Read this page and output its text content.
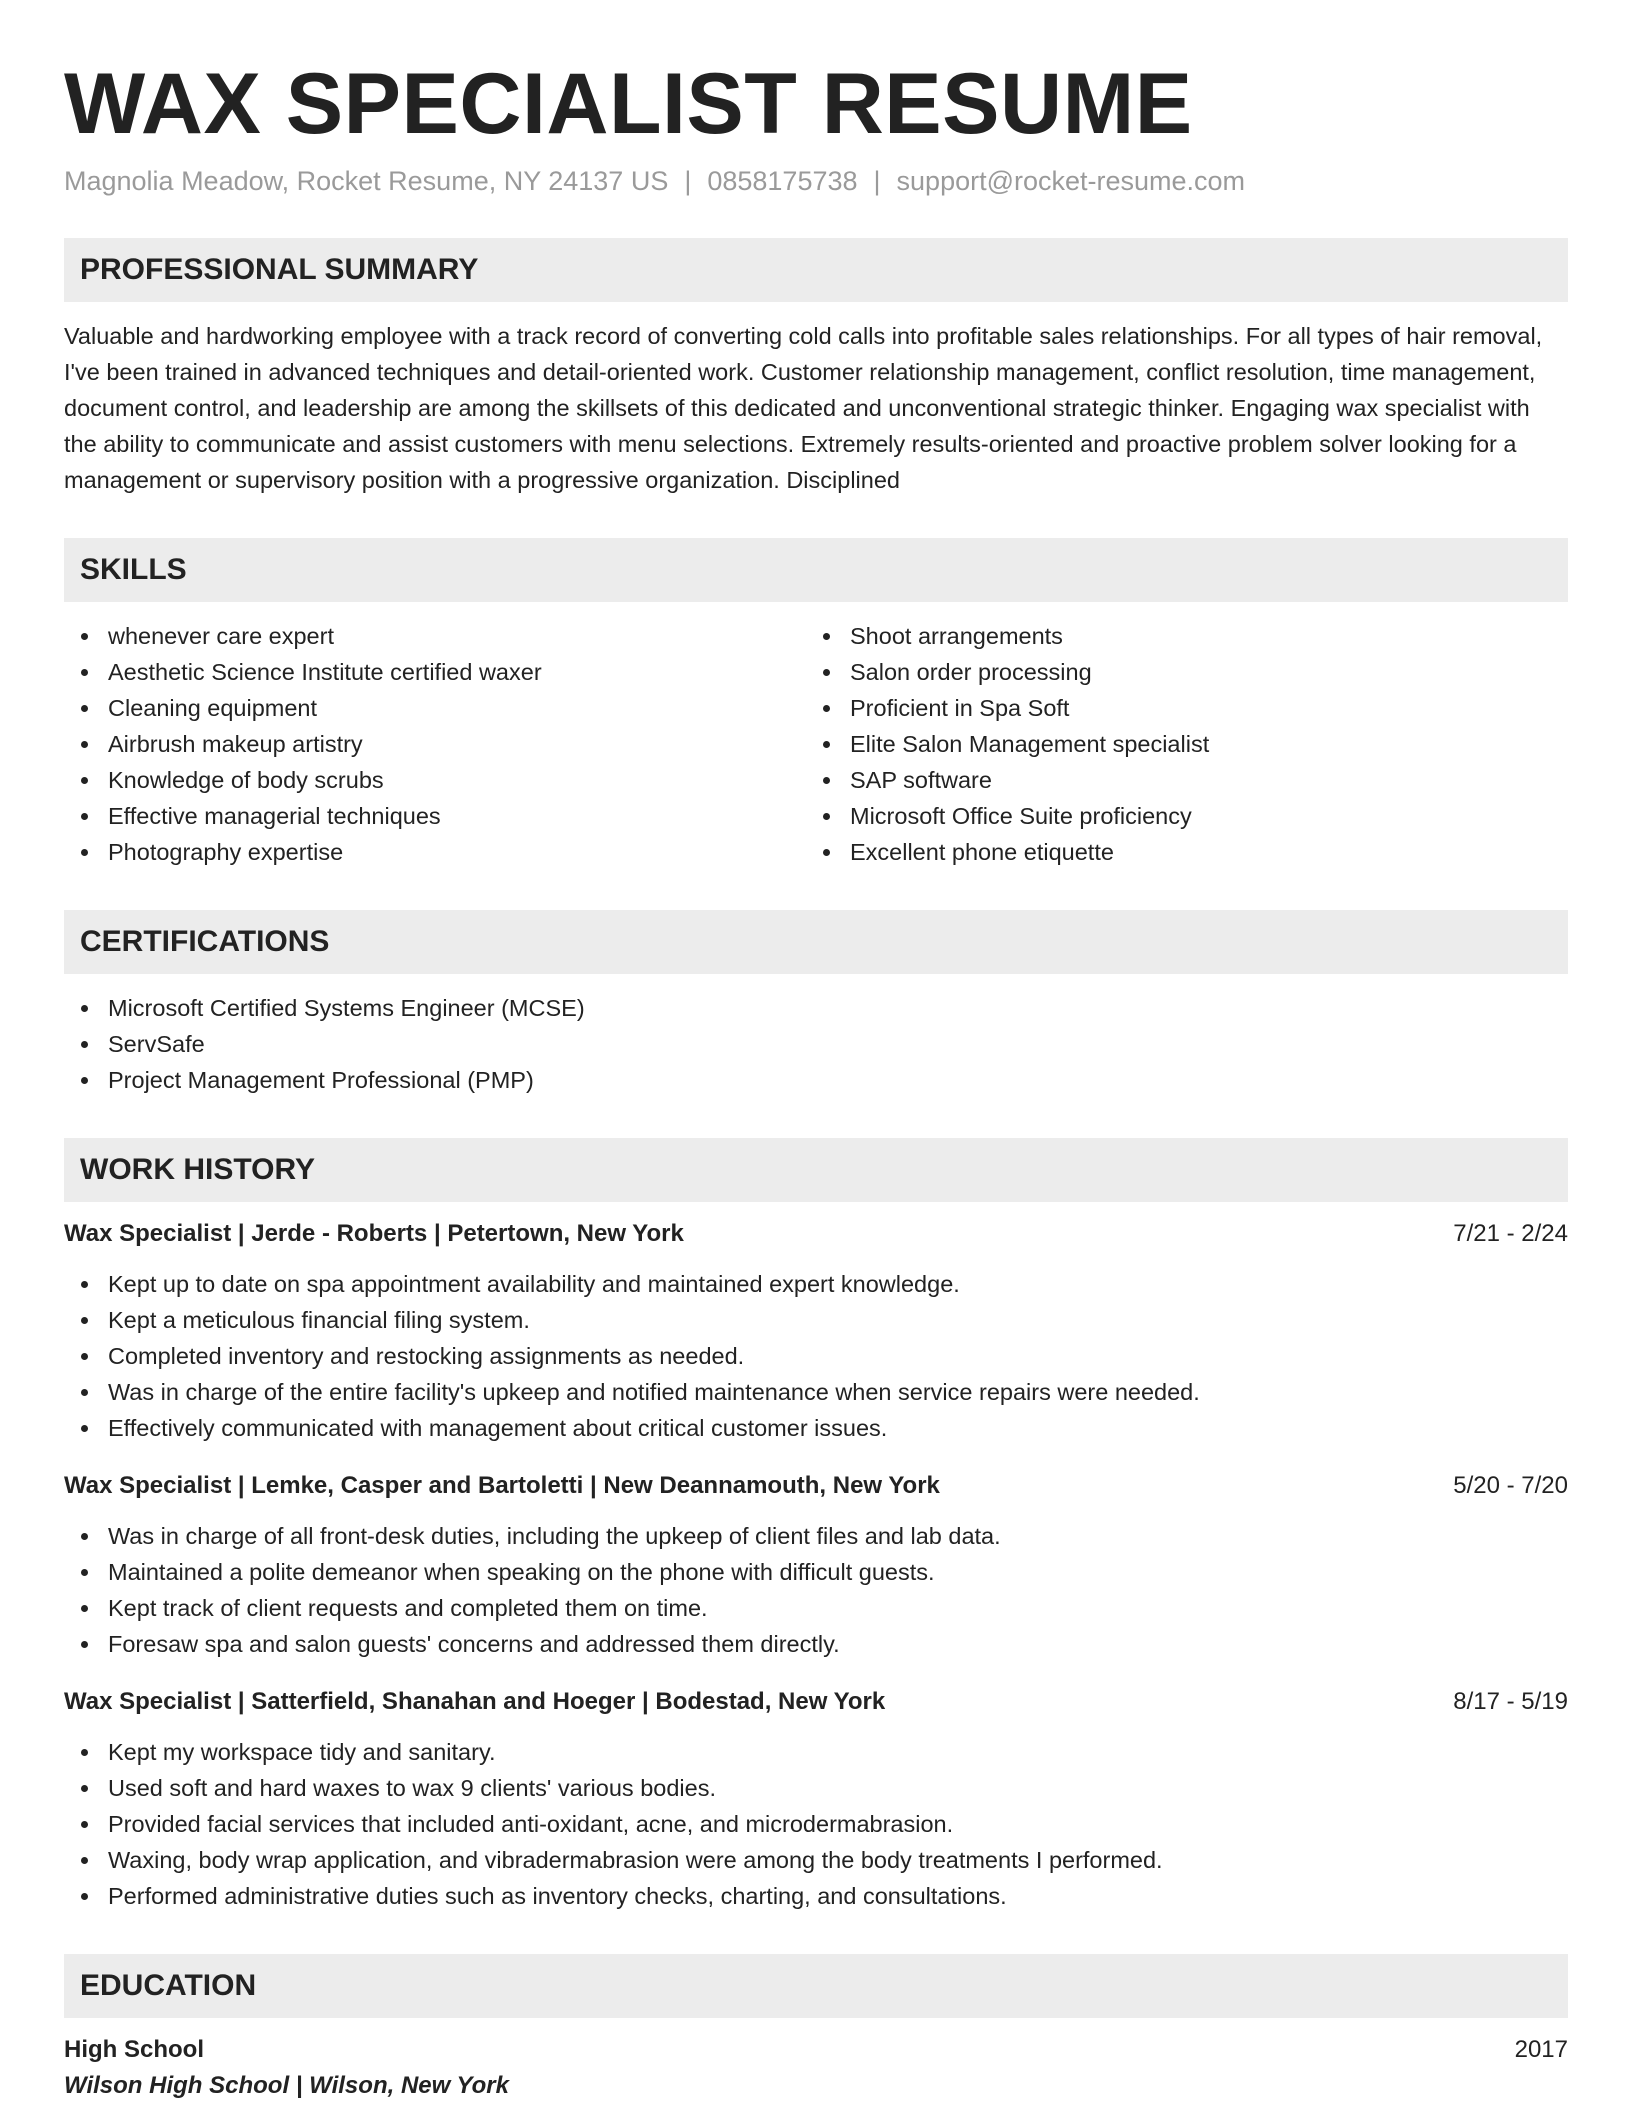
WAX SPECIALIST RESUME
Magnolia Meadow, Rocket Resume, NY 24137 US | 0858175738 | support@rocket-resume.com
PROFESSIONAL SUMMARY

Valuable and hardworking employee with a track record of converting cold calls into profitable sales relationships. For all types of hair removal, I've been trained in advanced techniques and detail-oriented work. Customer relationship management, conflict resolution, time management, document control, and leadership are among the skillsets of this dedicated and unconventional strategic thinker. Engaging wax specialist with the ability to communicate and assist customers with menu selections. Extremely results-oriented and proactive problem solver looking for a management or supervisory position with a progressive organization. Disciplined

SKILLS
whenever care expert
Aesthetic Science Institute certified waxer
Cleaning equipment
Airbrush makeup artistry
Knowledge of body scrubs
Effective managerial techniques
Photography expertise
Shoot arrangements
Salon order processing
Proficient in Spa Soft
Elite Salon Management specialist
SAP software
Microsoft Office Suite proficiency
Excellent phone etiquette
CERTIFICATIONS
Microsoft Certified Systems Engineer (MCSE)
ServSafe
Project Management Professional (PMP)
WORK HISTORY
Wax Specialist | Jerde - Roberts | Petertown, New York	7/21 - 2/24
Kept up to date on spa appointment availability and maintained expert knowledge.
Kept a meticulous financial filing system.
Completed inventory and restocking assignments as needed.
Was in charge of the entire facility's upkeep and notified maintenance when service repairs were needed.
Effectively communicated with management about critical customer issues.
Wax Specialist | Lemke, Casper and Bartoletti | New Deannamouth, New York	5/20 - 7/20
Was in charge of all front-desk duties, including the upkeep of client files and lab data.
Maintained a polite demeanor when speaking on the phone with difficult guests.
Kept track of client requests and completed them on time.
Foresaw spa and salon guests' concerns and addressed them directly.
Wax Specialist | Satterfield, Shanahan and Hoeger | Bodestad, New York	8/17 - 5/19
Kept my workspace tidy and sanitary.
Used soft and hard waxes to wax 9 clients' various bodies.
Provided facial services that included anti-oxidant, acne, and microdermabrasion.
Waxing, body wrap application, and vibradermabrasion were among the body treatments I performed.
Performed administrative duties such as inventory checks, charting, and consultations.
EDUCATION
High School	2017
Wilson High School | Wilson, New York
